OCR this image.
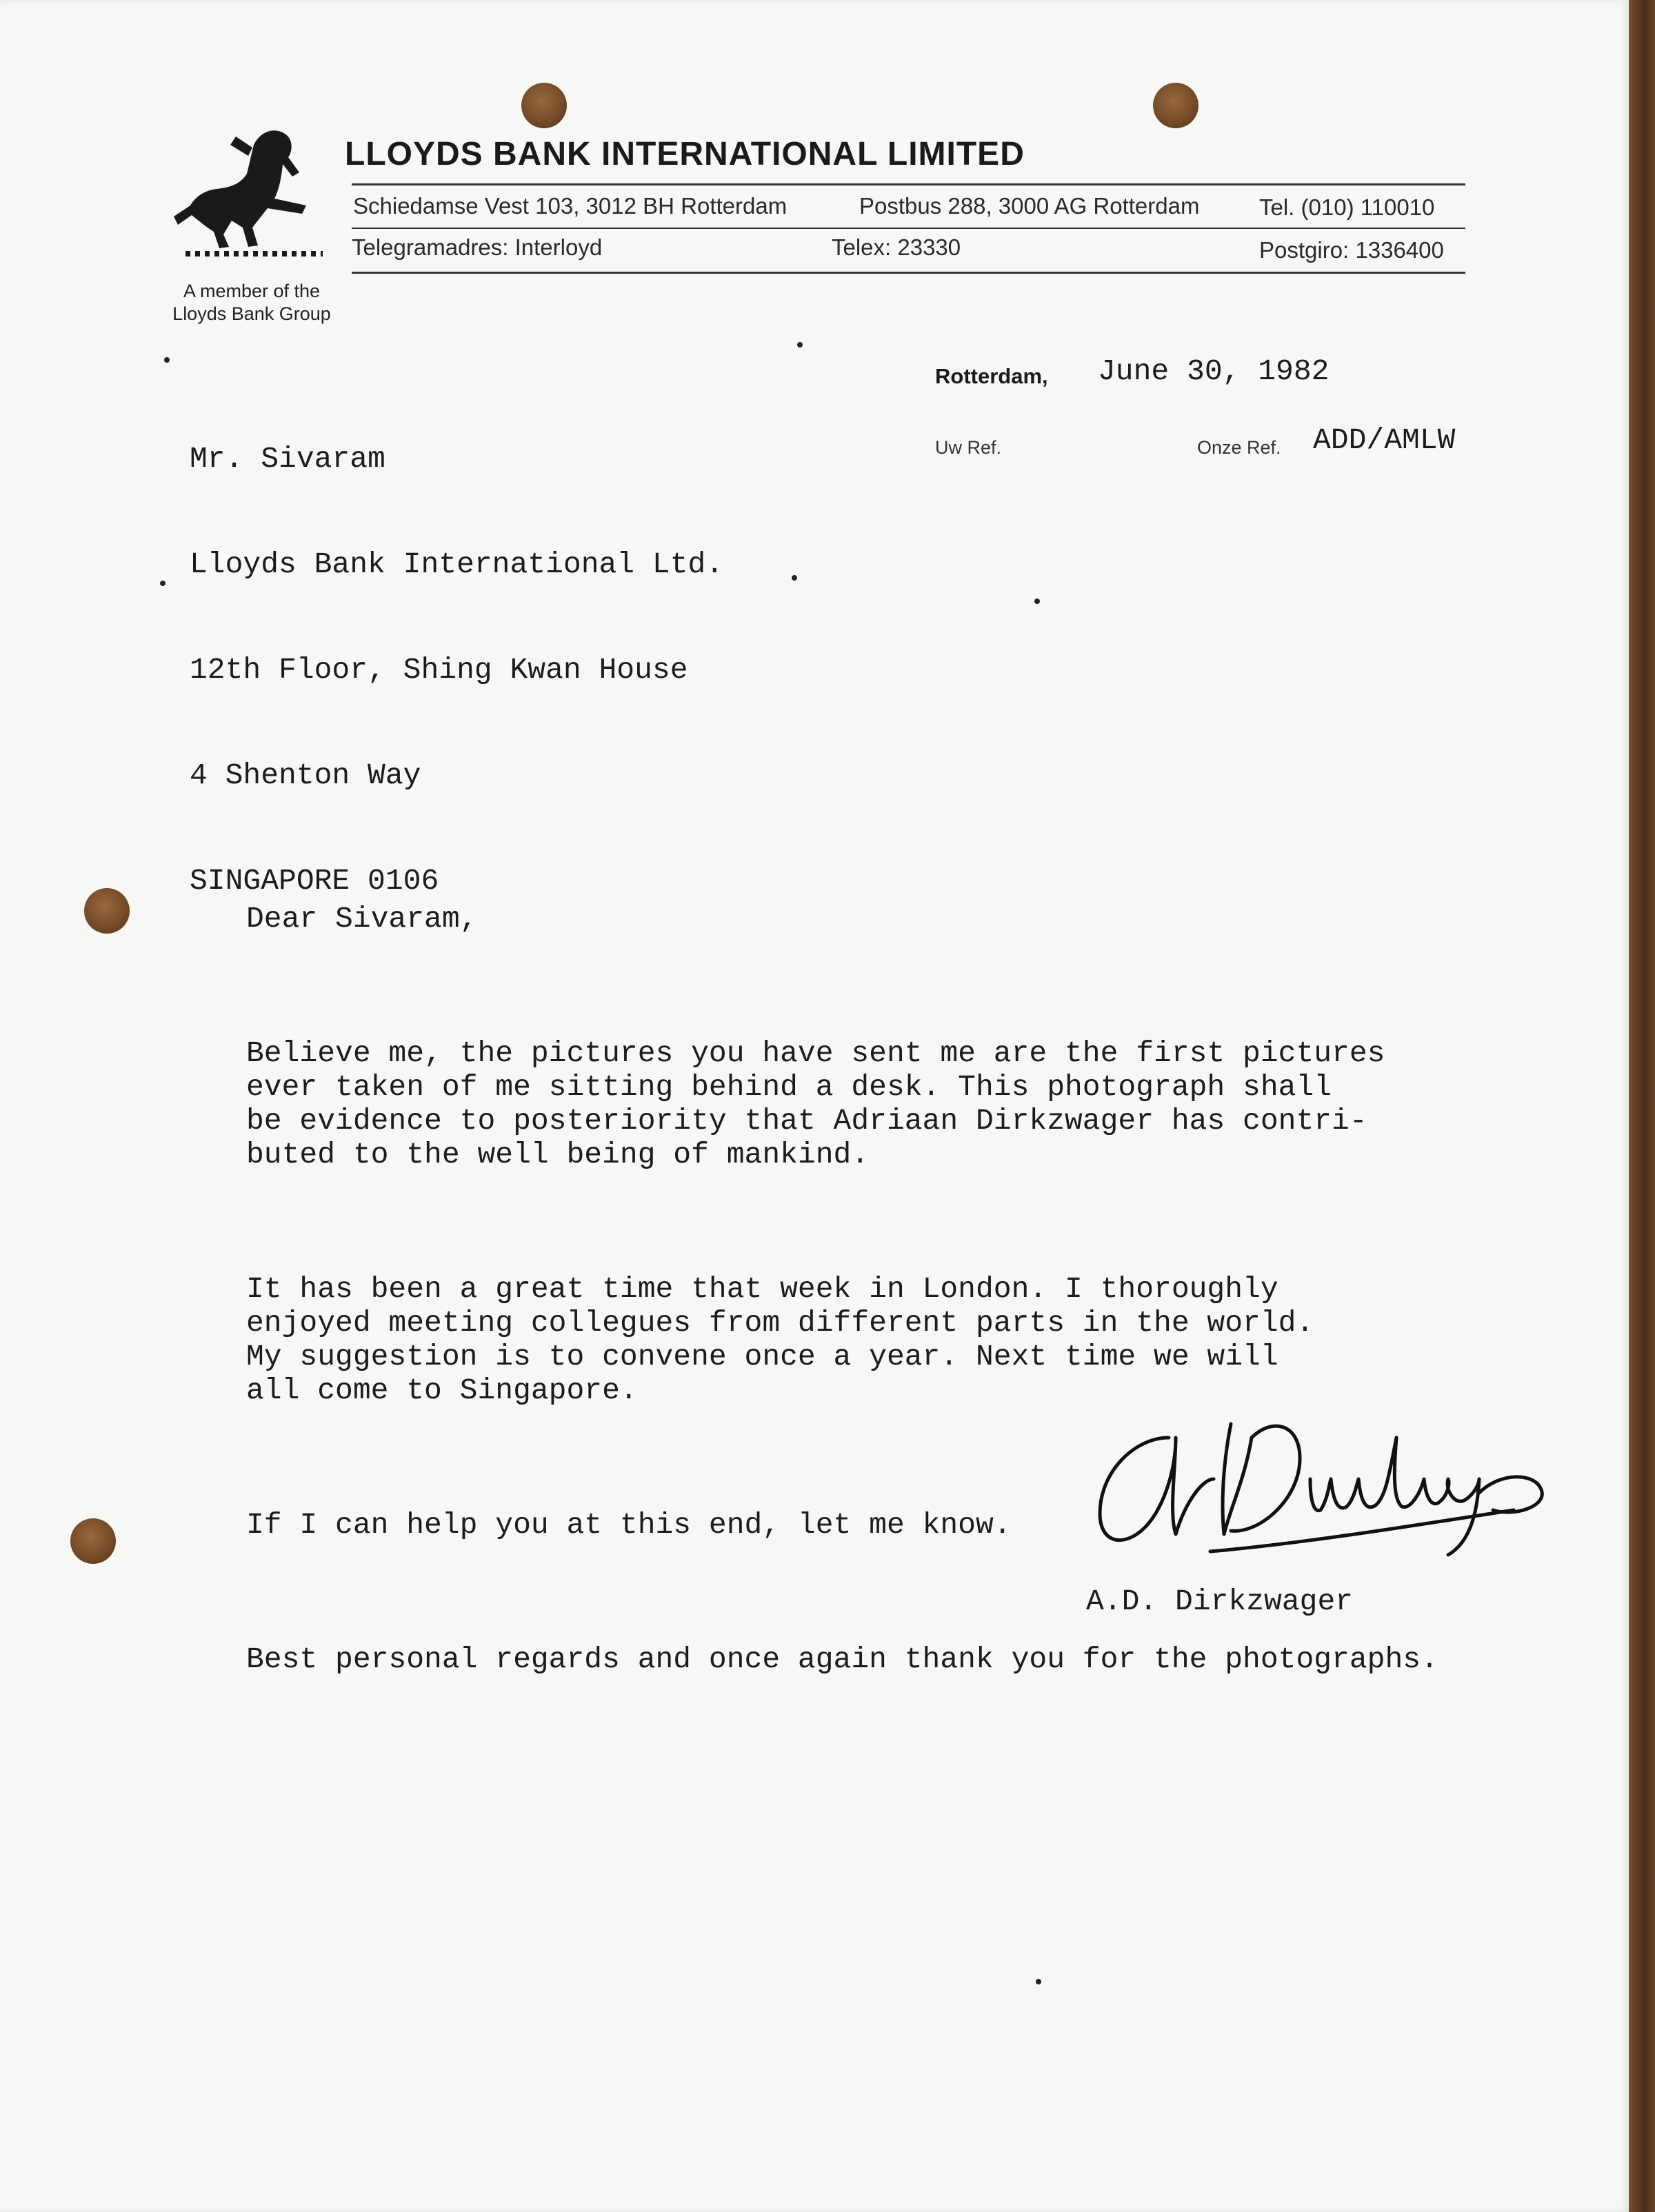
A member of the
Lloyds Bank Group
LLOYDS BANK INTERNATIONAL LIMITED
Schiedamse Vest 103, 3012 BH Rotterdam	Postbus 288, 3000 AG Rotterdam	Tel. (010) 110010
Telegramadres: Interloyd	Telex: 23330	Postgiro: 1336400

Mr. Sivaram

Lloyds Bank International Ltd.

12th Floor, Shing Kwan House

4 Shenton Way

SINGAPORE 0106

Rotterdam, June 30, 1982
Uw Ref.	Onze Ref. ADD/AMLW

Dear Sivaram,

Believe me, the pictures you have sent me are the first pictures
ever taken of me sitting behind a desk. This photograph shall
be evidence to posteriority that Adriaan Dirkzwager has contri-
buted to the well being of mankind.

It has been a great time that week in London. I thoroughly
enjoyed meeting collegues from different parts in the world.
My suggestion is to convene once a year. Next time we will
all come to Singapore.

If I can help you at this end, let me know.

Best personal regards and once again thank you for the photographs.

A.D. Dirkzwager
